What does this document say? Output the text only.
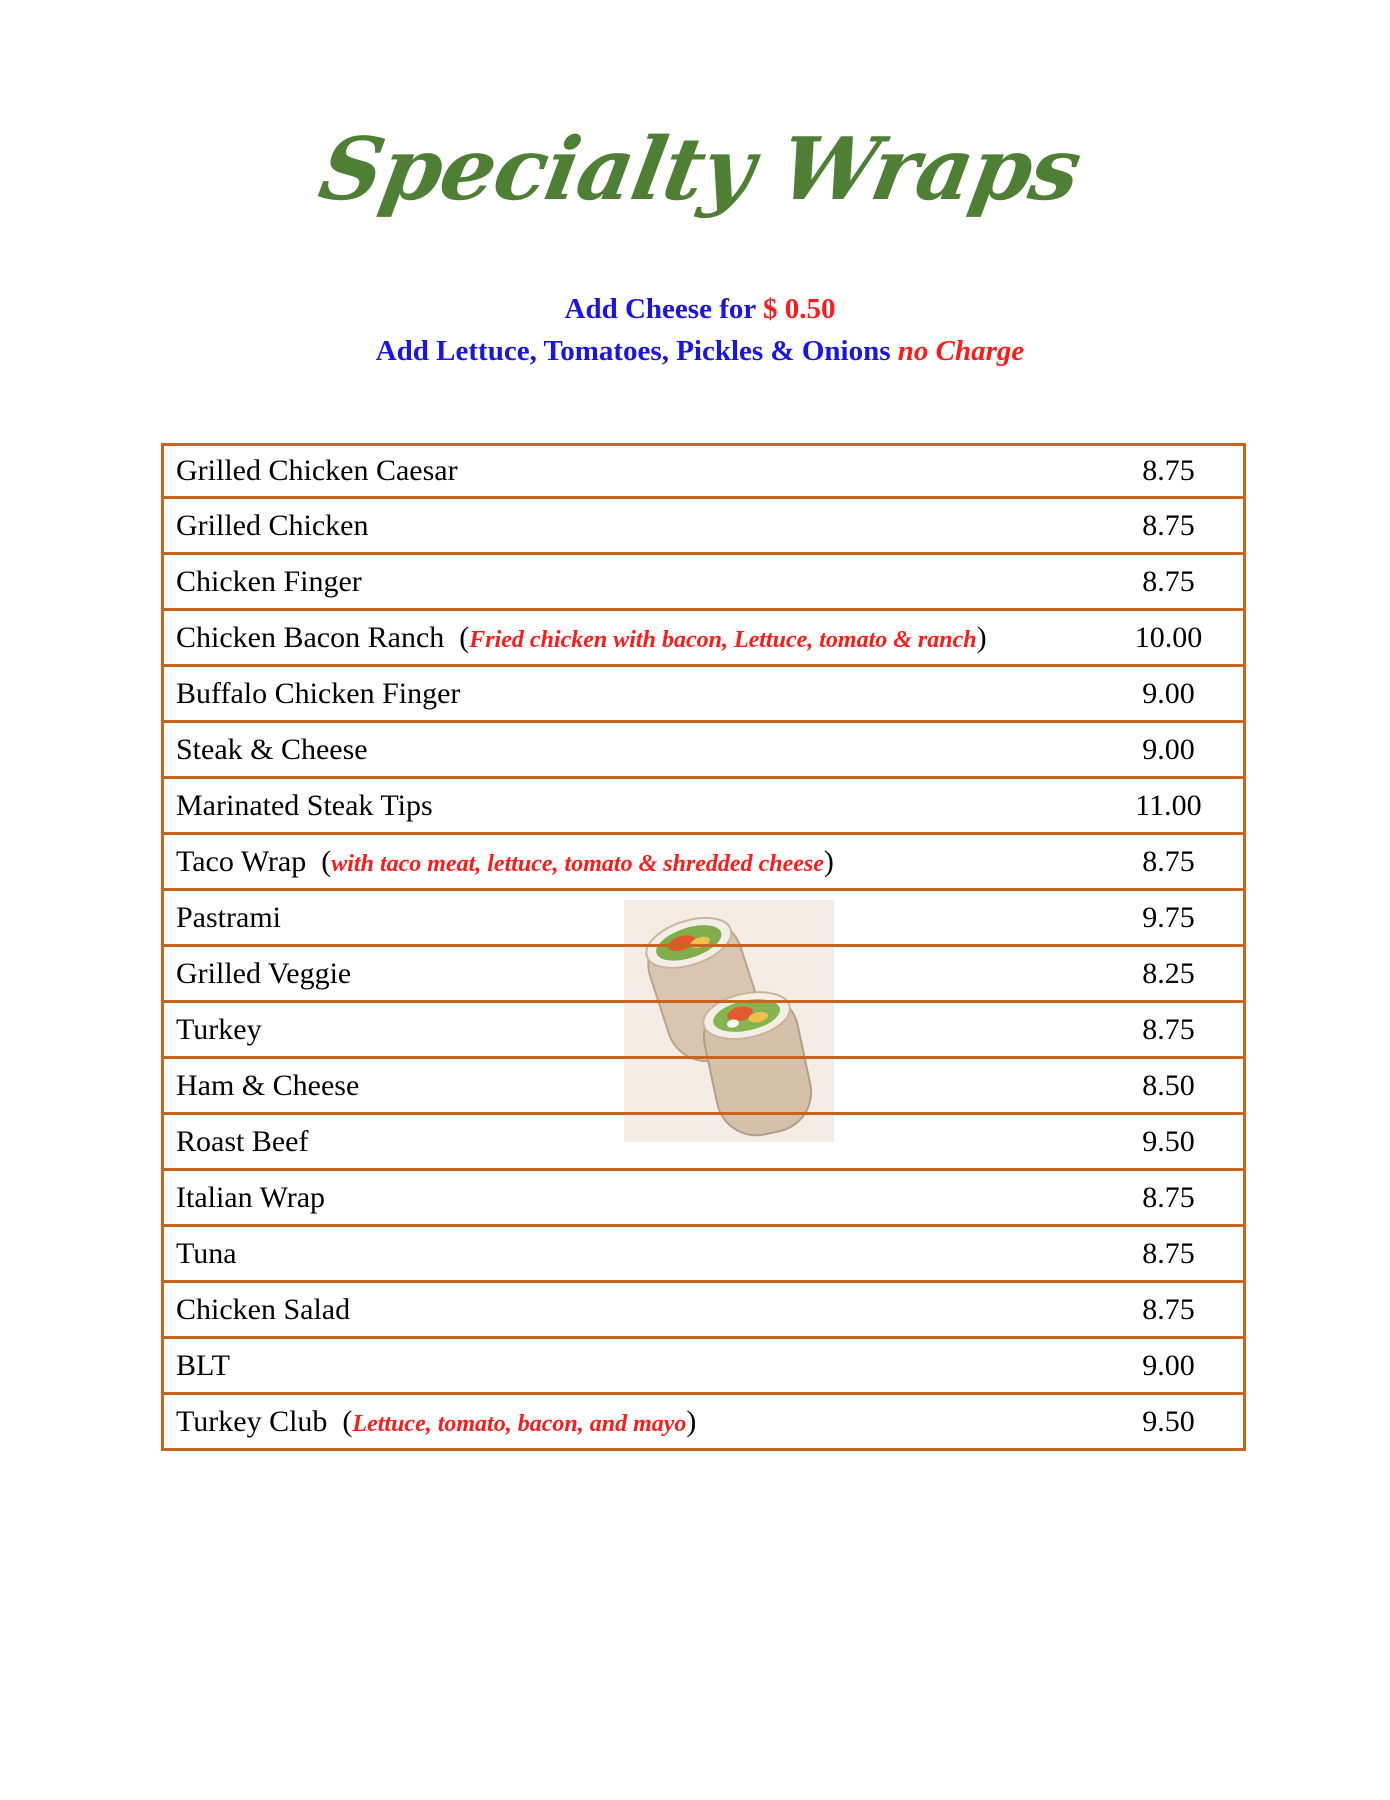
Specialty Wraps
Add Cheese for $ 0.50
Add Lettuce, Tomatoes, Pickles & Onions no Charge
Grilled Chicken Caesar	8.75
Grilled Chicken	8.75
Chicken Finger	8.75
Chicken Bacon Ranch  (Fried chicken with bacon, Lettuce, tomato & ranch)	10.00
Buffalo Chicken Finger	9.00
Steak & Cheese	9.00
Marinated Steak Tips	11.00
Taco Wrap  (with taco meat, lettuce, tomato & shredded cheese)	8.75
Pastrami	9.75
Grilled Veggie	8.25
Turkey	8.75
Ham & Cheese	8.50
Roast Beef	9.50
Italian Wrap	8.75
Tuna	8.75
Chicken Salad	8.75
BLT	9.00
Turkey Club  (Lettuce, tomato, bacon, and mayo)	9.50
